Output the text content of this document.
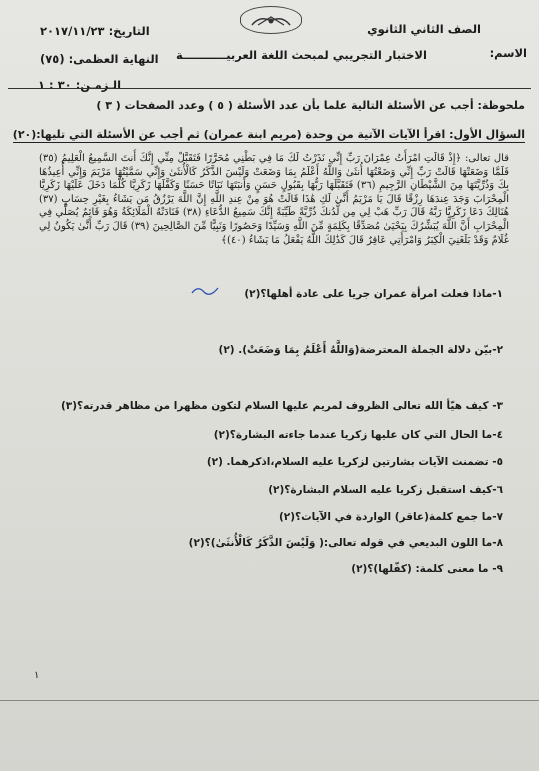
الصف الثاني الثانوي
التاريخ: ٢٠١٧/١١/٢٣
الاسم:
الاختبار التجريبي لمبحث اللغة العربيـــــــــــة
النهاية العظمى: (٧٥)
الـزمـن: ٣٠ : ١
ملحوظة: أجب عن الأسئلة التالية علما بأن عدد الأسئلة ( ٥ ) وعدد الصفحات ( ٣ )
السؤال الأول: اقرأ الآيات الآتية من وحدة (مريم ابنة عمران) ثم أجب عن الأسئلة التي تليها:(٢٠)
قال تعالى: ﴿إِذْ قَالَتِ امْرَأَتُ عِمْرَانَ رَبِّ إِنِّي نَذَرْتُ لَكَ مَا فِي بَطْنِي مُحَرَّرًا فَتَقَبَّلْ مِنِّي إِنَّكَ أَنتَ السَّمِيعُ الْعَلِيمُ (٣٥) فَلَمَّا وَضَعَتْهَا قَالَتْ رَبِّ إِنِّي وَضَعْتُهَا أُنثَىٰ وَاللَّهُ أَعْلَمُ بِمَا وَضَعَتْ وَلَيْسَ الذَّكَرُ كَالْأُنثَىٰ وَإِنِّي سَمَّيْتُهَا مَرْيَمَ وَإِنِّي أُعِيذُهَا بِكَ وَذُرِّيَّتَهَا مِنَ الشَّيْطَانِ الرَّجِيمِ (٣٦) فَتَقَبَّلَهَا رَبُّهَا بِقَبُولٍ حَسَنٍ وَأَنبَتَهَا نَبَاتًا حَسَنًا وَكَفَّلَهَا زَكَرِيَّا كُلَّمَا دَخَلَ عَلَيْهَا زَكَرِيَّا الْمِحْرَابَ وَجَدَ عِندَهَا رِزْقًا قَالَ يَا مَرْيَمُ أَنَّىٰ لَكِ هَٰذَا قَالَتْ هُوَ مِنْ عِندِ اللَّهِ إِنَّ اللَّهَ يَرْزُقُ مَن يَشَاءُ بِغَيْرِ حِسَابٍ (٣٧) هُنَالِكَ دَعَا زَكَرِيَّا رَبَّهُ قَالَ رَبِّ هَبْ لِي مِن لَّدُنكَ ذُرِّيَّةً طَيِّبَةً إِنَّكَ سَمِيعُ الدُّعَاءِ (٣٨) فَنَادَتْهُ الْمَلَائِكَةُ وَهُوَ قَائِمٌ يُصَلِّي فِي الْمِحْرَابِ أَنَّ اللَّهَ يُبَشِّرُكَ بِيَحْيَىٰ مُصَدِّقًا بِكَلِمَةٍ مِّنَ اللَّهِ وَسَيِّدًا وَحَصُورًا وَنَبِيًّا مِّنَ الصَّالِحِينَ (٣٩) قَالَ رَبِّ أَنَّىٰ يَكُونُ لِي غُلَامٌ وَقَدْ بَلَغَنِيَ الْكِبَرُ وَامْرَأَتِي عَاقِرٌ قَالَ كَذَٰلِكَ اللَّهُ يَفْعَلُ مَا يَشَاءُ (٤٠)﴾
١-ماذا فعلت امرأة عمران جريا على عادة أهلها؟(٢)
٢-بيّن دلالة الجملة المعترضة(وَاللَّهُ أَعْلَمُ بِمَا وَضَعَتْ). (٢)
٣- كيف هيّأ الله تعالى الظروف لمريم عليها السلام لتكون مظهرا من مظاهر قدرته؟(٣)
٤-ما الحال التي كان عليها زكريا عندما جاءته البشارة؟(٢)
٥- تضمنت الآيات بشارتين لزكريا عليه السلام،اذكرهما. (٢)
٦-كيف استقبل زكريا عليه السلام البشارة؟(٢)
٧-ما جمع كلمة(عاقر) الواردة في الآيات؟(٢)
٨-ما اللون البديعي في قوله تعالى:( وَلَيْسَ الذَّكَرُ كَالْأُنثَىٰ)؟(٢)
٩- ما معنى كلمة: (كفّلها)؟(٢)
١
